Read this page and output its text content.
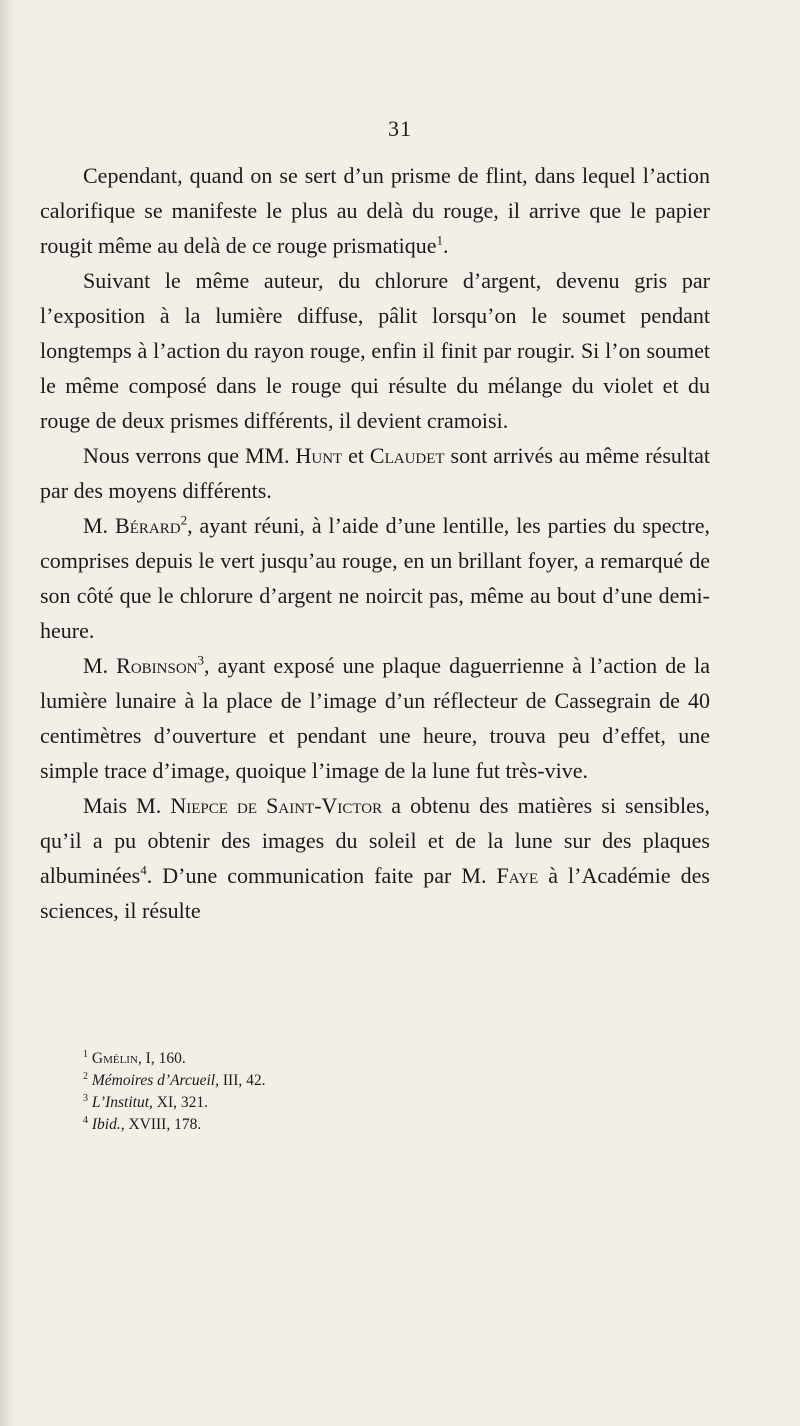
31

Cependant, quand on se sert d’un prisme de flint, dans lequel l’action calorifique se manifeste le plus au delà du rouge, il arrive que le papier rougit même au delà de ce rouge prismatique$^1$.

Suivant le même auteur, du chlorure d’argent, devenu gris par l’exposition à la lumière diffuse, pâlit lorsqu’on le soumet pendant longtemps à l’action du rayon rouge, enfin il finit par rougir. Si l’on soumet le même composé dans le rouge qui résulte du mélange du violet et du rouge de deux prismes différents, il devient cramoisi.

Nous verrons que MM. Hunt et Claudet sont arrivés au même résultat par des moyens différents.

M. Bérard$^2$, ayant réuni, à l’aide d’une lentille, les parties du spectre, comprises depuis le vert jusqu’au rouge, en un brillant foyer, a remarqué de son côté que le chlorure d’argent ne noircit pas, même au bout d’une demi-heure.

M. Robinson$^3$, ayant exposé une plaque daguerrienne à l’action de la lumière lunaire à la place de l’image d’un réflecteur de Cassegrain de 40 centimètres d’ouverture et pendant une heure, trouva peu d’effet, une simple trace d’image, quoique l’image de la lune fut très-vive.

Mais M. Niepce de Saint-Victor a obtenu des matières si sensibles, qu’il a pu obtenir des images du soleil et de la lune sur des plaques albuminées$^4$. D’une communication faite par M. Faye à l’Académie des sciences, il résulte

$^1$ Gmélin, I, 160.
$^2$ Mémoires d’Arcueil, III, 42.
$^3$ L’Institut, XI, 321.
$^4$ Ibid., XVIII, 178.
